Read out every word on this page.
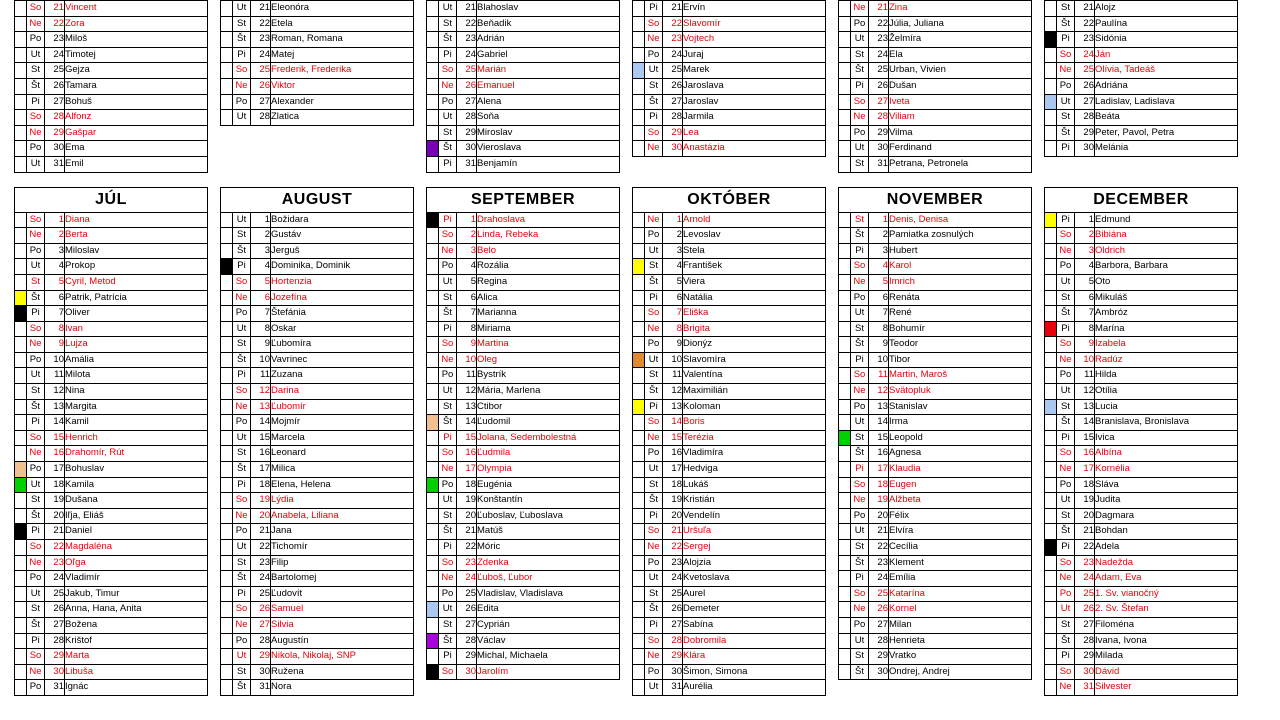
	So	21	Vincent
	Ne	22	Zora
	Po	23	Miloš
	Ut	24	Timotej
	St	25	Gejza
	Št	26	Tamara
	Pi	27	Bohuš
	So	28	Alfonz
	Ne	29	Gašpar
	Po	30	Ema
	Ut	31	Emil
	Ut	21	Eleonóra
	St	22	Etela
	Št	23	Roman, Romana
	Pi	24	Matej
	So	25	Frederik, Frederika
	Ne	26	Viktor
	Po	27	Alexander
	Ut	28	Zlatica
	Ut	21	Blahoslav
	St	22	Beňadik
	Št	23	Adrián
	Pi	24	Gabriel
	So	25	Marián
	Ne	26	Emanuel
	Po	27	Alena
	Ut	28	Soňa
	St	29	Miroslav
	Št	30	Vieroslava
	Pi	31	Benjamín
	Pi	21	Ervín
	So	22	Slavomír
	Ne	23	Vojtech
	Po	24	Juraj
	Ut	25	Marek
	St	26	Jaroslava
	Št	27	Jaroslav
	Pi	28	Jarmila
	So	29	Lea
	Ne	30	Anastázia
	Ne	21	Zina
	Po	22	Júlia, Juliana
	Ut	23	Želmíra
	St	24	Ela
	Št	25	Urban, Vivien
	Pi	26	Dušan
	So	27	Iveta
	Ne	28	Viliam
	Po	29	Vilma
	Ut	30	Ferdinand
	St	31	Petrana, Petronela
	St	21	Alojz
	Št	22	Paulína
	Pi	23	Sidónia
	So	24	Ján
	Ne	25	Olívia, Tadeáš
	Po	26	Adriána
	Ut	27	Ladislav, Ladislava
	St	28	Beáta
	Št	29	Peter, Pavol, Petra
	Pi	30	Melánia
JÚL
	So	1	Diana
	Ne	2	Berta
	Po	3	Miloslav
	Ut	4	Prokop
	St	5	Cyril, Metod
	Št	6	Patrik, Patrícia
	Pi	7	Oliver
	So	8	Ivan
	Ne	9	Lujza
	Po	10	Amália
	Ut	11	Milota
	St	12	Nina
	Št	13	Margita
	Pi	14	Kamil
	So	15	Henrich
	Ne	16	Drahomír, Rút
	Po	17	Bohuslav
	Ut	18	Kamila
	St	19	Dušana
	Št	20	Iľja, Eliáš
	Pi	21	Daniel
	So	22	Magdaléna
	Ne	23	Oľga
	Po	24	Vladimír
	Ut	25	Jakub, Timur
	St	26	Anna, Hana, Anita
	Št	27	Božena
	Pi	28	Krištof
	So	29	Marta
	Ne	30	Libuša
	Po	31	Ignác
AUGUST
	Ut	1	Božidara
	St	2	Gustáv
	Št	3	Jerguš
	Pi	4	Dominika, Dominik
	So	5	Hortenzia
	Ne	6	Jozefína
	Po	7	Štefánia
	Ut	8	Oskar
	St	9	Ľubomíra
	Št	10	Vavrinec
	Pi	11	Zuzana
	So	12	Darina
	Ne	13	Ľubomír
	Po	14	Mojmír
	Ut	15	Marcela
	St	16	Leonard
	Št	17	Milica
	Pi	18	Elena, Helena
	So	19	Lýdia
	Ne	20	Anabela, Liliana
	Po	21	Jana
	Ut	22	Tichomír
	St	23	Filip
	Št	24	Bartolomej
	Pi	25	Ľudovít
	So	26	Samuel
	Ne	27	Silvia
	Po	28	Augustín
	Ut	29	Nikola, Nikolaj, SNP
	St	30	Ružena
	Št	31	Nora
SEPTEMBER
	Pi	1	Drahoslava
	So	2	Linda, Rebeka
	Ne	3	Belo
	Po	4	Rozália
	Ut	5	Regina
	St	6	Alica
	Št	7	Marianna
	Pi	8	Miriama
	So	9	Martina
	Ne	10	Oleg
	Po	11	Bystrík
	Ut	12	Mária, Marlena
	St	13	Ctibor
	Št	14	Ľudomil
	Pi	15	Jolana, Sedembolestná
	So	16	Ľudmila
	Ne	17	Olympia
	Po	18	Eugénia
	Ut	19	Konštantín
	St	20	Ľuboslav, Ľuboslava
	Št	21	Matúš
	Pi	22	Móric
	So	23	Zdenka
	Ne	24	Ľuboš, Ľubor
	Po	25	Vladislav, Vladislava
	Ut	26	Edita
	St	27	Cyprián
	Št	28	Václav
	Pi	29	Michal, Michaela
	So	30	Jarolím
OKTÓBER
	Ne	1	Arnold
	Po	2	Levoslav
	Ut	3	Stela
	St	4	František
	Št	5	Viera
	Pi	6	Natália
	So	7	Eliška
	Ne	8	Brigita
	Po	9	Dionýz
	Ut	10	Slavomíra
	St	11	Valentína
	Št	12	Maximilián
	Pi	13	Koloman
	So	14	Boris
	Ne	15	Terézia
	Po	16	Vladimíra
	Ut	17	Hedviga
	St	18	Lukáš
	Št	19	Kristián
	Pi	20	Vendelín
	So	21	Uršuľa
	Ne	22	Sergej
	Po	23	Alojzia
	Ut	24	Kvetoslava
	St	25	Aurel
	Št	26	Demeter
	Pi	27	Sabína
	So	28	Dobromila
	Ne	29	Klára
	Po	30	Šimon, Simona
	Ut	31	Aurélia
NOVEMBER
	St	1	Denis, Denisa
	Št	2	Pamiatka zosnulých
	Pi	3	Hubert
	So	4	Karol
	Ne	5	Imrich
	Po	6	Renáta
	Ut	7	René
	St	8	Bohumír
	Št	9	Teodor
	Pi	10	Tibor
	So	11	Martin, Maroš
	Ne	12	Svätopluk
	Po	13	Stanislav
	Ut	14	Irma
	St	15	Leopold
	Št	16	Agnesa
	Pi	17	Klaudia
	So	18	Eugen
	Ne	19	Alžbeta
	Po	20	Félix
	Ut	21	Elvíra
	St	22	Cecília
	Št	23	Klement
	Pi	24	Emília
	So	25	Katarína
	Ne	26	Kornel
	Po	27	Milan
	Ut	28	Henrieta
	St	29	Vratko
	Št	30	Ondrej, Andrej
DECEMBER
	Pi	1	Edmund
	So	2	Bibiána
	Ne	3	Oldrich
	Po	4	Barbora, Barbara
	Ut	5	Oto
	St	6	Mikuláš
	Št	7	Ambróz
	Pi	8	Marína
	So	9	Izabela
	Ne	10	Radúz
	Po	11	Hilda
	Ut	12	Otília
	St	13	Lucia
	Št	14	Branislava, Bronislava
	Pi	15	Ivica
	So	16	Albína
	Ne	17	Kornélia
	Po	18	Sláva
	Ut	19	Judita
	St	20	Dagmara
	Št	21	Bohdan
	Pi	22	Adela
	So	23	Nadežda
	Ne	24	Adam, Eva
	Po	25	1. Sv. vianočný
	Ut	26	2. Sv. Štefan
	St	27	Filoména
	Št	28	Ivana, Ivona
	Pi	29	Milada
	So	30	Dávid
	Ne	31	Silvester
